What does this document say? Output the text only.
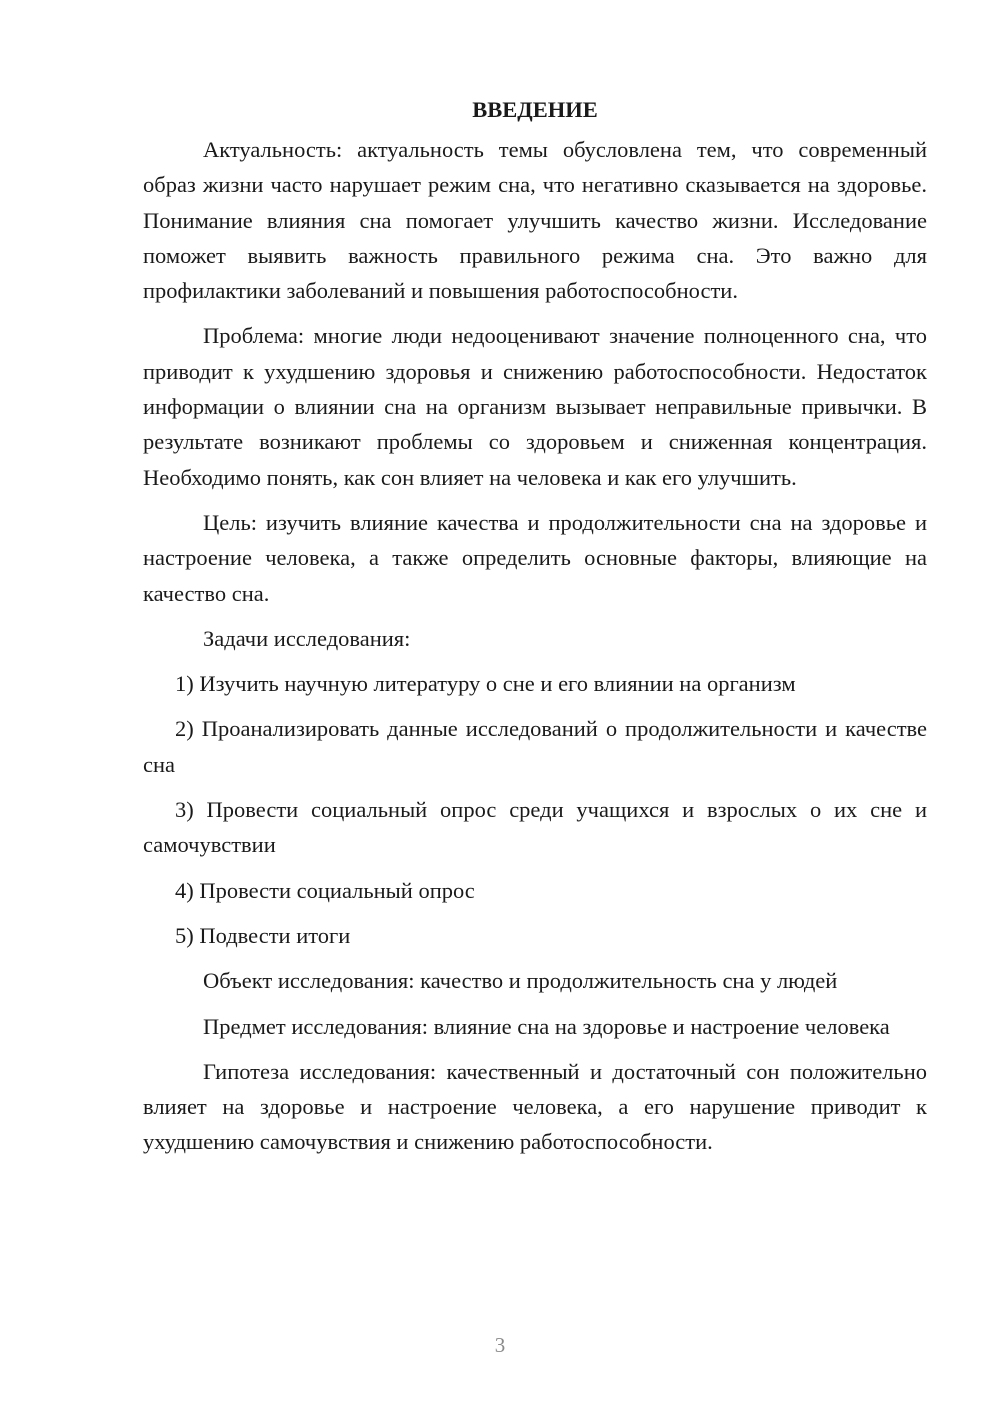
ВВЕДЕНИЕ

Актуальность: актуальность темы обусловлена тем, что современный образ жизни часто нарушает режим сна, что негативно сказывается на здоровье. Понимание влияния сна помогает улучшить качество жизни. Исследование поможет выявить важность правильного режима сна. Это важно для профилактики заболеваний и повышения работоспособности.

Проблема: многие люди недооценивают значение полноценного сна, что приводит к ухудшению здоровья и снижению работоспособности. Недостаток информации о влиянии сна на организм вызывает неправильные привычки. В результате возникают проблемы со здоровьем и сниженная концентрация. Необходимо понять, как сон влияет на человека и как его улучшить.

Цель: изучить влияние качества и продолжительности сна на здоровье и настроение человека, а также определить основные факторы, влияющие на качество сна.

Задачи исследования:

1) Изучить научную литературу о сне и его влиянии на организм

2) Проанализировать данные исследований о продолжительности и качестве сна

3) Провести социальный опрос среди учащихся и взрослых о их сне и самочувствии

4) Провести социальный опрос

5) Подвести итоги

Объект исследования: качество и продолжительность сна у людей

Предмет исследования: влияние сна на здоровье и настроение человека

Гипотеза исследования: качественный и достаточный сон положительно влияет на здоровье и настроение человека, а его нарушение приводит к ухудшению самочувствия и снижению работоспособности.

3
